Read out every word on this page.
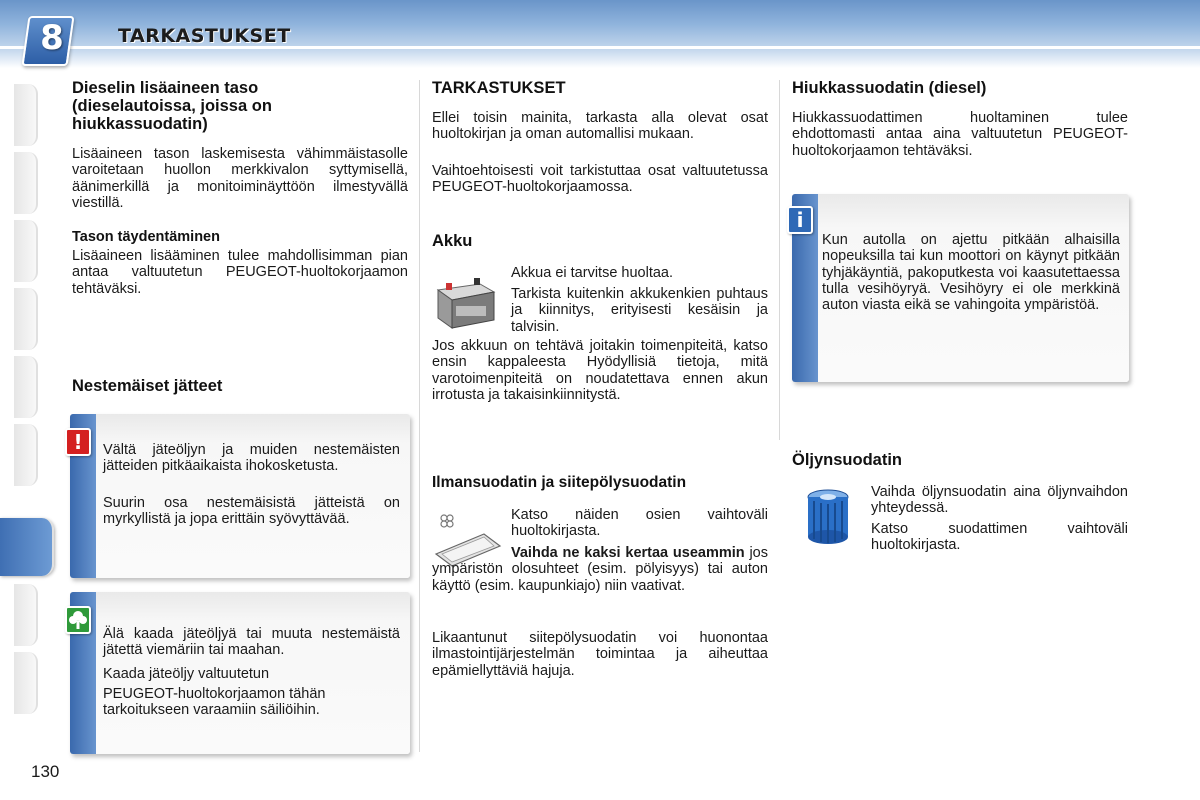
8	TARKASTUKSET
130
Dieselin lisäaineen taso (dieselautoissa, joissa on hiukkassuodatin)
Lisäaineen tason laskemisesta vähimmäistasolle varoitetaan huollon merkkivalon syttymisellä, äänimerkillä ja monitoiminäyttöön ilmestyvällä viestillä.
Tason täydentäminen
Lisäaineen lisääminen tulee mahdollisimman pian antaa valtuutetun PEUGEOT-huoltokorjaamon tehtäväksi.
Nestemäiset jätteet
Vältä jäteöljyn ja muiden nestemäisten jätteiden pitkäaikaista ihokosketusta.
Suurin osa nestemäisistä jätteistä on myrkyllistä ja jopa erittäin syövyttävää.
!
Älä kaada jäteöljyä tai muuta nestemäistä jätettä viemäriin tai maahan.
Kaada jäteöljy valtuutetun
PEUGEOT-huoltokorjaamon tähän tarkoitukseen varaamiin säiliöihin.
TARKASTUKSET
Ellei toisin mainita, tarkasta alla olevat osat huoltokirjan ja oman automallisi mukaan.
Vaihtoehtoisesti voit tarkistuttaa osat valtuutetussa PEUGEOT-huoltokorjaamossa.
Akku
Akkua ei tarvitse huoltaa.
Tarkista kuitenkin akkukenkien puhtaus ja kiinnitys, erityisesti kesäisin ja talvisin.
Jos akkuun on tehtävä joitakin toimenpiteitä, katso ensin kappaleesta Hyödyllisiä tietoja, mitä varotoimenpiteitä on noudatettava ennen akun irrotusta ja takaisinkiinnitystä.
Ilmansuodatin ja siitepölysuodatin
Katso näiden osien vaihtoväli huoltokirjasta.
Vaihda ne kaksi kertaa useammin jos ympäristön olosuhteet (esim. pölyisyys) tai auton käyttö (esim. kaupunkiajo) niin vaativat.
Likaantunut siitepölysuodatin voi huonontaa ilmastointijärjestelmän toimintaa ja aiheuttaa epämiellyttäviä hajuja.
Hiukkassuodatin (diesel)
Hiukkassuodattimen huoltaminen tulee ehdottomasti antaa aina valtuutetun PEUGEOT-huoltokorjaamon tehtäväksi.
Kun autolla on ajettu pitkään alhaisilla nopeuksilla tai kun moottori on käynyt pitkään tyhjäkäyntiä, pakoputkesta voi kaasutettaessa tulla vesihöyryä. Vesihöyry ei ole merkkinä auton viasta eikä se vahingoita ympäristöä.
i
Öljynsuodatin
Vaihda öljynsuodatin aina öljynvaihdon yhteydessä.
Katso suodattimen vaihtoväli huoltokirjasta.
